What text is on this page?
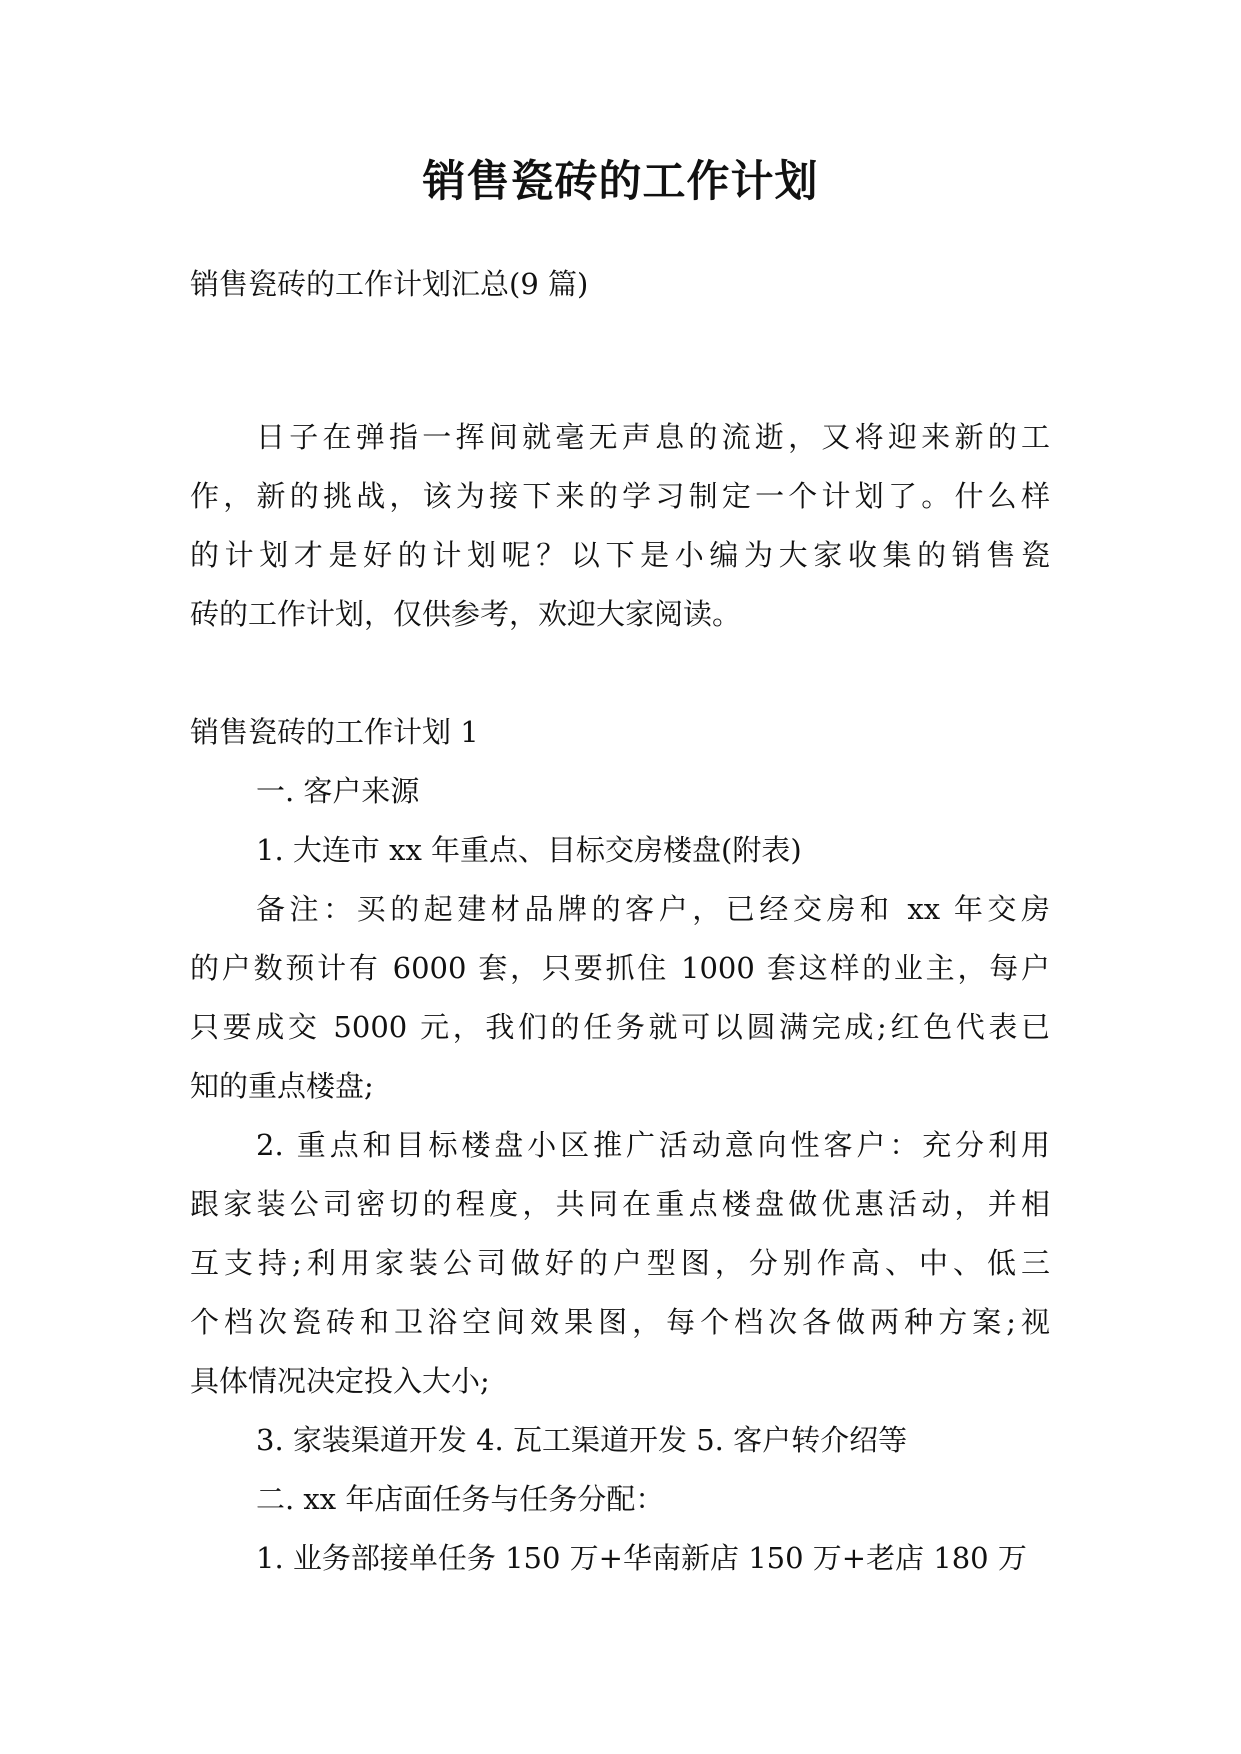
销售瓷砖的工作计划
销售瓷砖的工作计划汇总(9 篇)
日子在弹指一挥间就毫无声息的流逝，又将迎来新的工
作，新的挑战，该为接下来的学习制定一个计划了。什么样
的计划才是好的计划呢？以下是小编为大家收集的销售瓷
砖的工作计划，仅供参考，欢迎大家阅读。
销售瓷砖的工作计划 1
一. 客户来源
1. 大连市 xx 年重点、目标交房楼盘(附表)
备注：买的起建材品牌的客户，已经交房和 xx 年交房
的户数预计有 6000 套，只要抓住 1000 套这样的业主，每户
只要成交 5000 元，我们的任务就可以圆满完成;红色代表已
知的重点楼盘;
2. 重点和目标楼盘小区推广活动意向性客户：充分利用
跟家装公司密切的程度，共同在重点楼盘做优惠活动，并相
互支持;利用家装公司做好的户型图，分别作高、中、低三
个档次瓷砖和卫浴空间效果图，每个档次各做两种方案;视
具体情况决定投入大小;
3. 家装渠道开发 4. 瓦工渠道开发 5. 客户转介绍等
二. xx 年店面任务与任务分配：
1. 业务部接单任务 150 万+华南新店 150 万+老店 180 万
